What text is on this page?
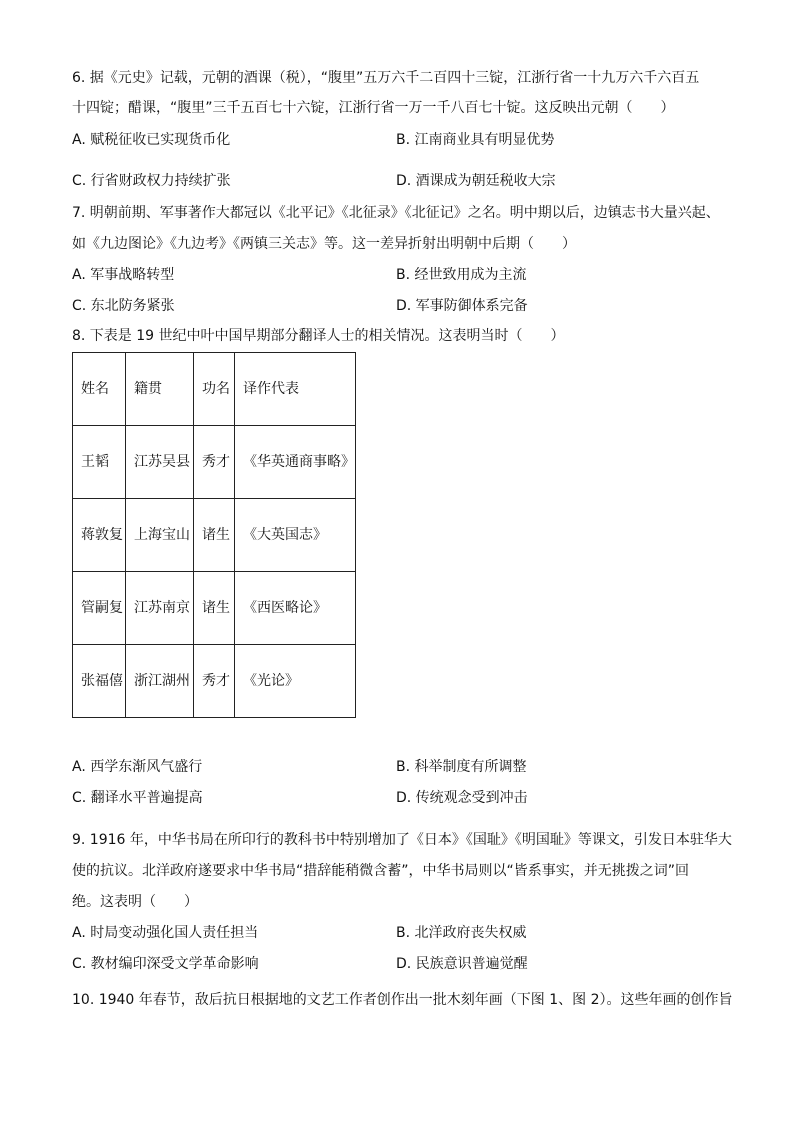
6. 据《元史》记载，元朝的酒课（税），“腹里”五万六千二百四十三锭，江浙行省一十九万六千六百五
十四锭；醋课，“腹里”三千五百七十六锭，江浙行省一万一千八百七十锭。这反映出元朝（　　）
A. 赋税征收已实现货币化	B. 江南商业具有明显优势
C. 行省财政权力持续扩张	D. 酒课成为朝廷税收大宗
7. 明朝前期、军事著作大都冠以《北平记》《北征录》《北征记》之名。明中期以后，边镇志书大量兴起、
如《九边图论》《九边考》《两镇三关志》等。这一差异折射出明朝中后期（　　）
A. 军事战略转型	B. 经世致用成为主流
C. 东北防务紧张	D. 军事防御体系完备
8. 下表是 19 世纪中叶中国早期部分翻译人士的相关情况。这表明当时（　　）
姓名	籍贯	功名	译作代表
王韬	江苏吴县	秀才	《华英通商事略》
蒋敦复	上海宝山	诸生	《大英国志》
管嗣复	江苏南京	诸生	《西医略论》
张福僖	浙江湖州	秀才	《光论》
A. 西学东渐风气盛行	B. 科举制度有所调整
C. 翻译水平普遍提高	D. 传统观念受到冲击
9. 1916 年，中华书局在所印行的教科书中特别增加了《日本》《国耻》《明国耻》等课文，引发日本驻华大
使的抗议。北洋政府遂要求中华书局“措辞能稍微含蓄”，中华书局则以“皆系事实，并无挑拨之词”回
绝。这表明（　　）
A. 时局变动强化国人责任担当	B. 北洋政府丧失权威
C. 教材编印深受文学革命影响	D. 民族意识普遍觉醒
10. 1940 年春节，敌后抗日根据地的文艺工作者创作出一批木刻年画（下图 1、图 2）。这些年画的创作旨
